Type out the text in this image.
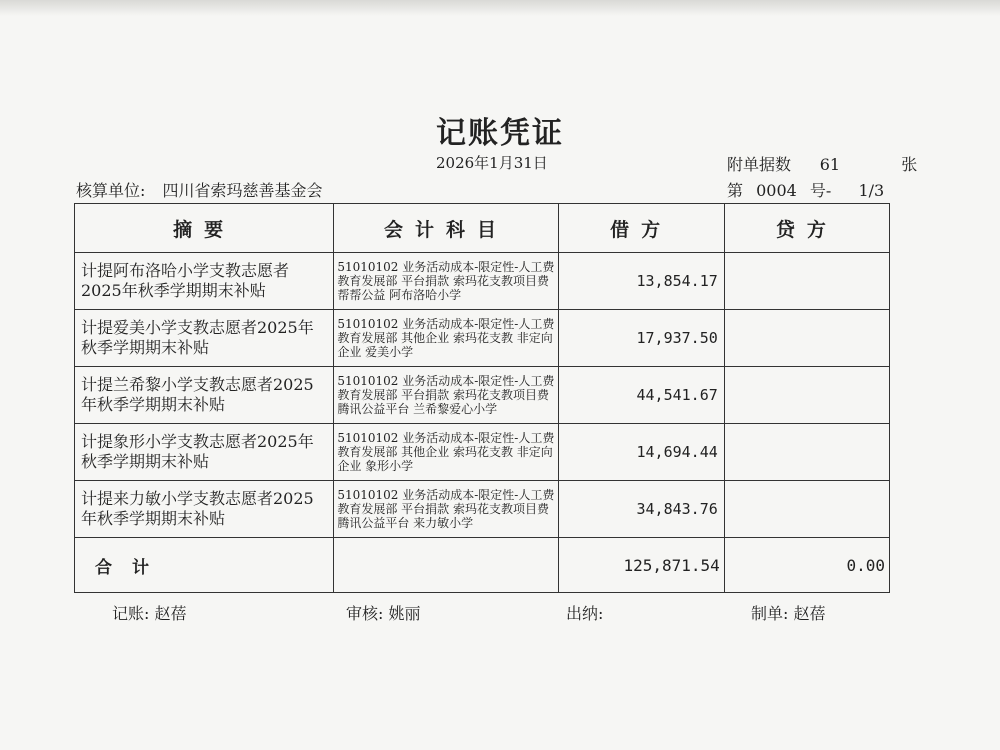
记账凭证
2026年1月31日	附单据数 61	张
核算单位: 四川省索玛慈善基金会	第 0004 号- 1/3
摘要	会计科目	借方	贷方

计提阿布洛哈小学支教志愿者2025年秋季学期期末补贴	51010102 业务活动成本-限定性-人工费 教育发展部 平台捐款 索玛花支教项目费 帮帮公益 阿布洛哈小学	13,854.17	

计提爱美小学支教志愿者2025年秋季学期期末补贴	51010102 业务活动成本-限定性-人工费 教育发展部 其他企业 索玛花支教 非定向 企业 爱美小学	17,937.50	

计提兰希黎小学支教志愿者2025年秋季学期期末补贴	51010102 业务活动成本-限定性-人工费 教育发展部 平台捐款 索玛花支教项目费 腾讯公益平台 兰希黎爱心小学	44,541.67	

计提象形小学支教志愿者2025年秋季学期期末补贴	51010102 业务活动成本-限定性-人工费 教育发展部 其他企业 索玛花支教 非定向 企业 象形小学	14,694.44	

计提来力敏小学支教志愿者2025年秋季学期期末补贴	51010102 业务活动成本-限定性-人工费 教育发展部 平台捐款 索玛花支教项目费 腾讯公益平台 来力敏小学	34,843.76	

合 计		125,871.54	0.00
记账: 赵蓓	审核: 姚丽	出纳:	制单: 赵蓓
